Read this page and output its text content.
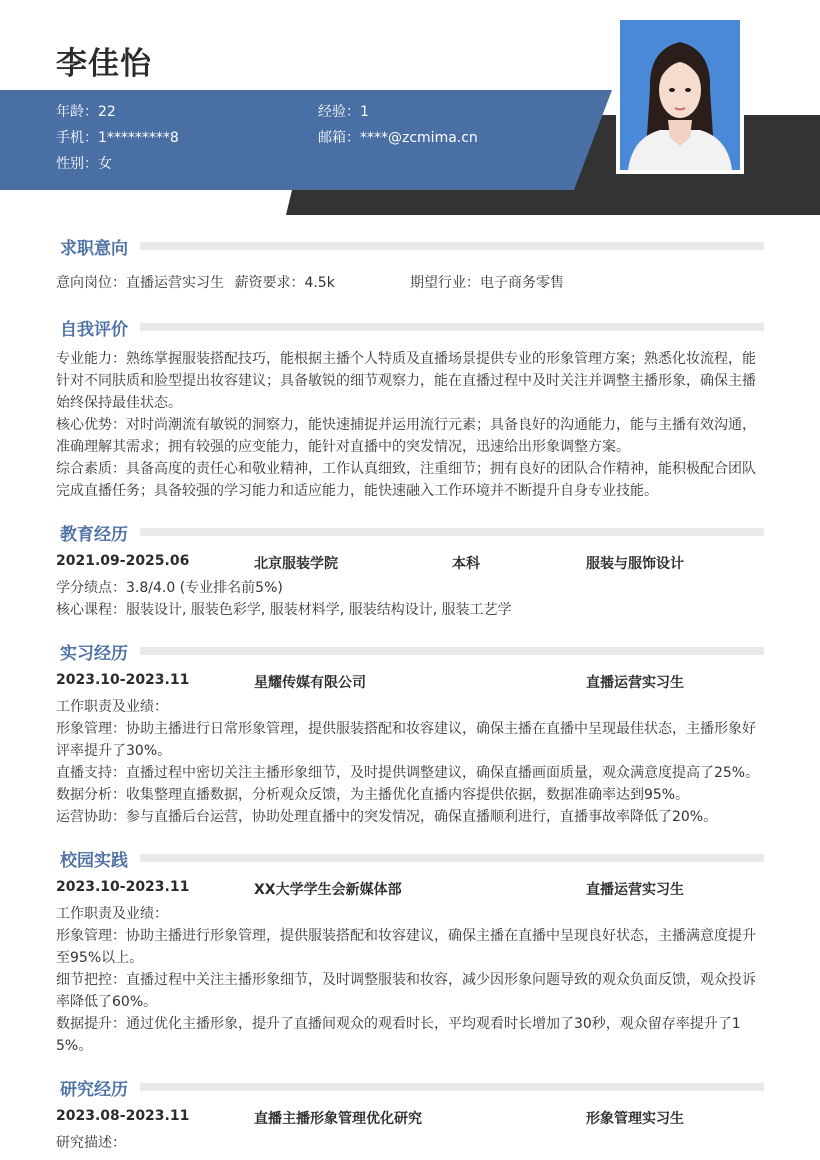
李佳怡
年龄：22	经验：1
手机：1*********8	邮箱：****@zcmima.cn
性别：女
求职意向
意向岗位：直播运营实习生 薪资要求：4.5k	期望行业：电子商务零售
自我评价
专业能力：熟练掌握服装搭配技巧，能根据主播个人特质及直播场景提供专业的形象管理方案；熟悉化妆流程，能
针对不同肤质和脸型提出妆容建议；具备敏锐的细节观察力，能在直播过程中及时关注并调整主播形象，确保主播
始终保持最佳状态。
核心优势：对时尚潮流有敏锐的洞察力，能快速捕捉并运用流行元素；具备良好的沟通能力，能与主播有效沟通，
准确理解其需求；拥有较强的应变能力，能针对直播中的突发情况，迅速给出形象调整方案。
综合素质：具备高度的责任心和敬业精神，工作认真细致，注重细节；拥有良好的团队合作精神，能积极配合团队
完成直播任务；具备较强的学习能力和适应能力，能快速融入工作环境并不断提升自身专业技能。
教育经历
2021.09-2025.06	北京服装学院	本科	服装与服饰设计
学分绩点：3.8/4.0 (专业排名前5%)
核心课程：服装设计, 服装色彩学, 服装材料学, 服装结构设计, 服装工艺学
实习经历
2023.10-2023.11	星耀传媒有限公司	直播运营实习生
工作职责及业绩：
形象管理：协助主播进行日常形象管理，提供服装搭配和妆容建议，确保主播在直播中呈现最佳状态，主播形象好
评率提升了30%。
直播支持：直播过程中密切关注主播形象细节，及时提供调整建议，确保直播画面质量，观众满意度提高了25%。
数据分析：收集整理直播数据，分析观众反馈，为主播优化直播内容提供依据，数据准确率达到95%。
运营协助：参与直播后台运营，协助处理直播中的突发情况，确保直播顺利进行，直播事故率降低了20%。
校园实践
2023.10-2023.11	XX大学学生会新媒体部	直播运营实习生
工作职责及业绩：
形象管理：协助主播进行形象管理，提供服装搭配和妆容建议，确保主播在直播中呈现良好状态，主播满意度提升
至95%以上。
细节把控：直播过程中关注主播形象细节，及时调整服装和妆容，减少因形象问题导致的观众负面反馈，观众投诉
率降低了60%。
数据提升：通过优化主播形象，提升了直播间观众的观看时长，平均观看时长增加了30秒，观众留存率提升了1
5%。
研究经历
2023.08-2023.11	直播主播形象管理优化研究	形象管理实习生
研究描述：
